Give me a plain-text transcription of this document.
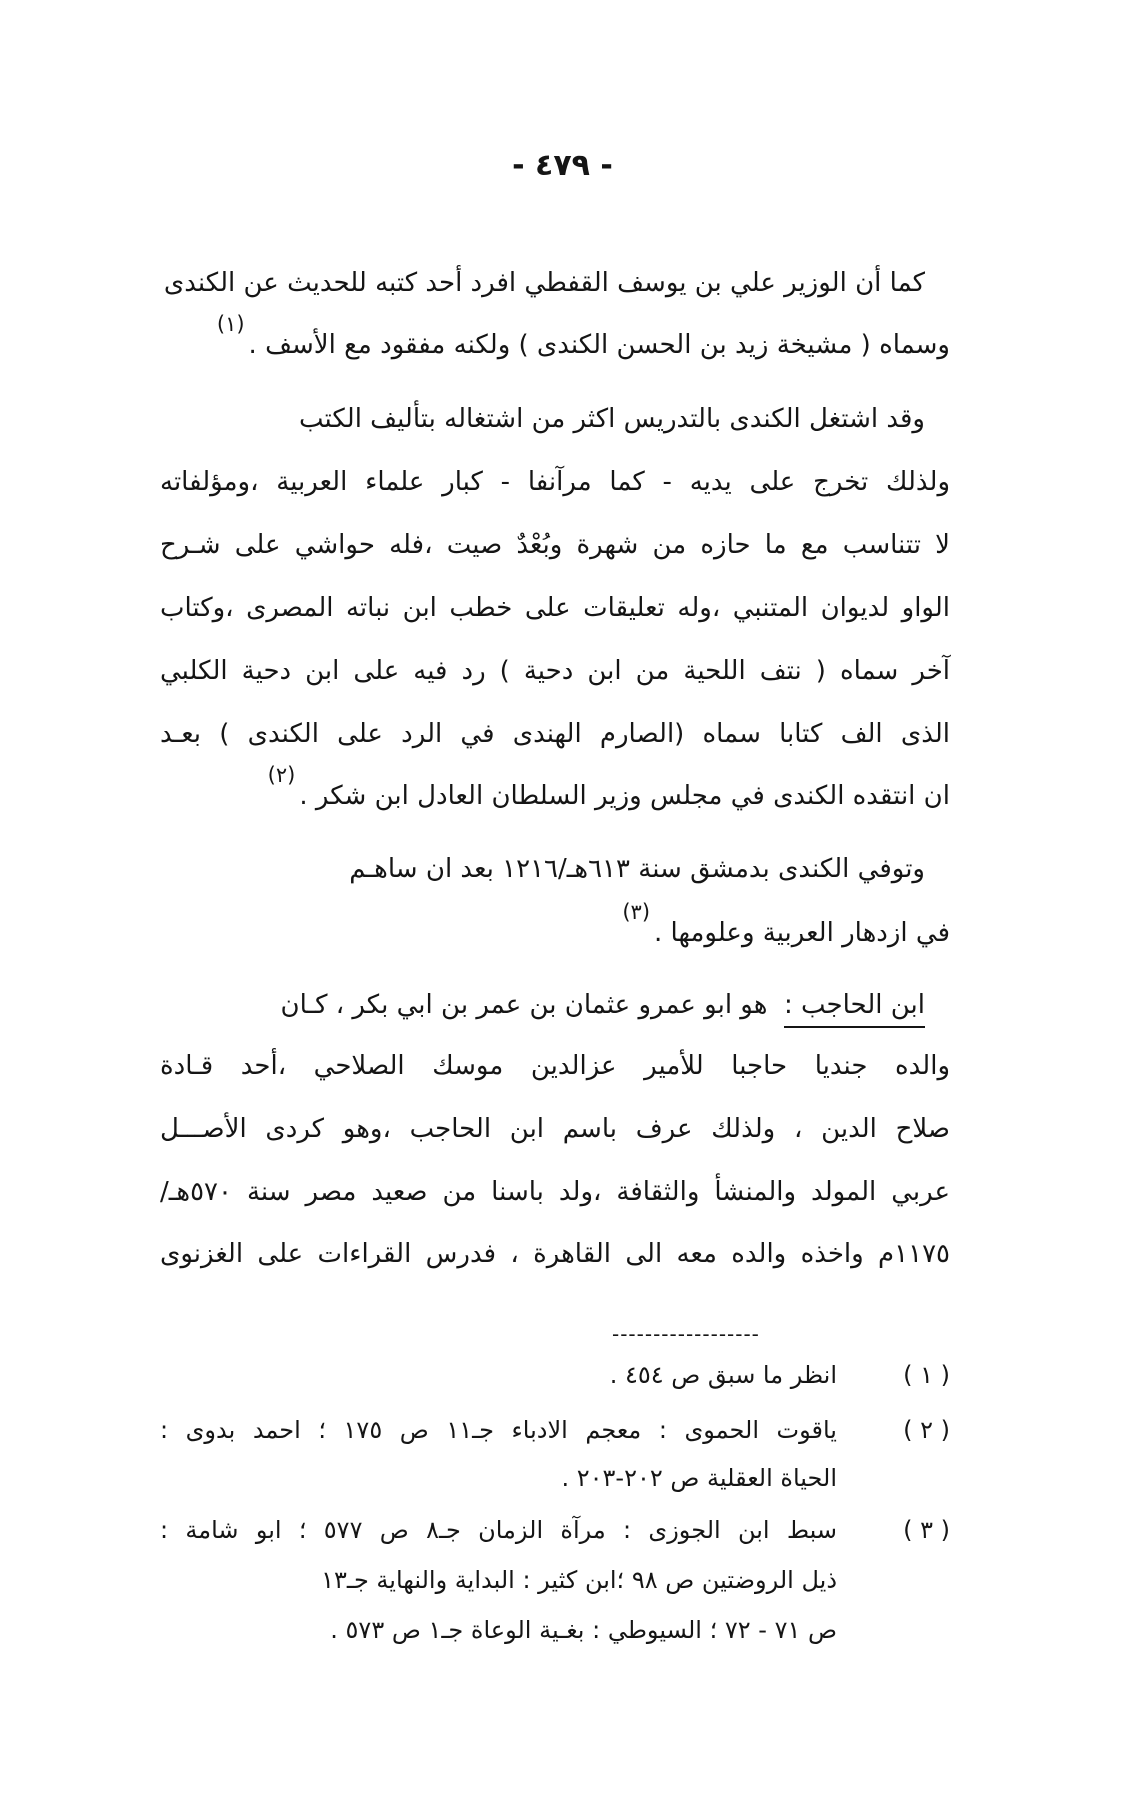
- ٤٧٩ -
كما أن الوزير علي بن يوسف القفطي افرد أحد كتبه للحديث عن الكندى
وسماه ( مشيخة زيد بن الحسن الكندى ) ولكنه مفقود مع الأسف .$^{(١)}$
وقد اشتغل الكندى بالتدريس اكثر من اشتغاله بتأليف الكتب
ولذلك تخرج على يديه - كما مرآنفا - كبار علماء العربية ،ومؤلفاته
لا تتناسب مع ما حازه من شهرة وبُعْدٌ صيت ،فله حواشي على شـرح
الواو لديوان المتنبي ،وله تعليقات على خطب ابن نباته المصرى ،وكتاب
آخر سماه ( نتف اللحية من ابن دحية ) رد فيه على ابن دحية الكلبي
الذى الف كتابا سماه (الصارم الهندى في الرد على الكندى ) بعـد
ان انتقده الكندى في مجلس وزير السلطان العادل ابن شكر .$^{(٢)}$
وتوفي الكندى بدمشق سنة ٦١٣هـ/١٢١٦ بعد ان ساهـم
في ازدهار العربية وعلومها .$^{(٣)}$
ابن الحاجب :  هو ابو عمرو عثمان بن عمر بن ابي بكر ، كـان
والده جنديا حاجبا للأمير عزالدين موسك الصلاحي ،أحد قـادة
صلاح الدين ، ولذلك عرف باسم ابن الحاجب ،وهو كردى الأصـــل
عربي المولد والمنشأ والثقافة ،ولد باسنا من صعيد مصر سنة ٥٧٠هـ/
١١٧٥م واخذه والده معه الى القاهرة ، فدرس القراءات على الغزنوى
------------------
( ١ )
انظر ما سبق ص ٤٥٤ .
( ٢ )
ياقوت الحموى : معجم الادباء جـ١١ ص ١٧٥ ؛ احمد بدوى :
الحياة العقلية ص ٢٠٢-٢٠٣ .
( ٣ )
سبط ابن الجوزى : مرآة الزمان جـ٨ ص ٥٧٧ ؛ ابو شامة :
ذيل الروضتين ص ٩٨ ؛ابن كثير : البداية والنهاية جـ١٣
ص ٧١ - ٧٢ ؛ السيوطي : بغـية الوعاة جـ١ ص ٥٧٣ .
